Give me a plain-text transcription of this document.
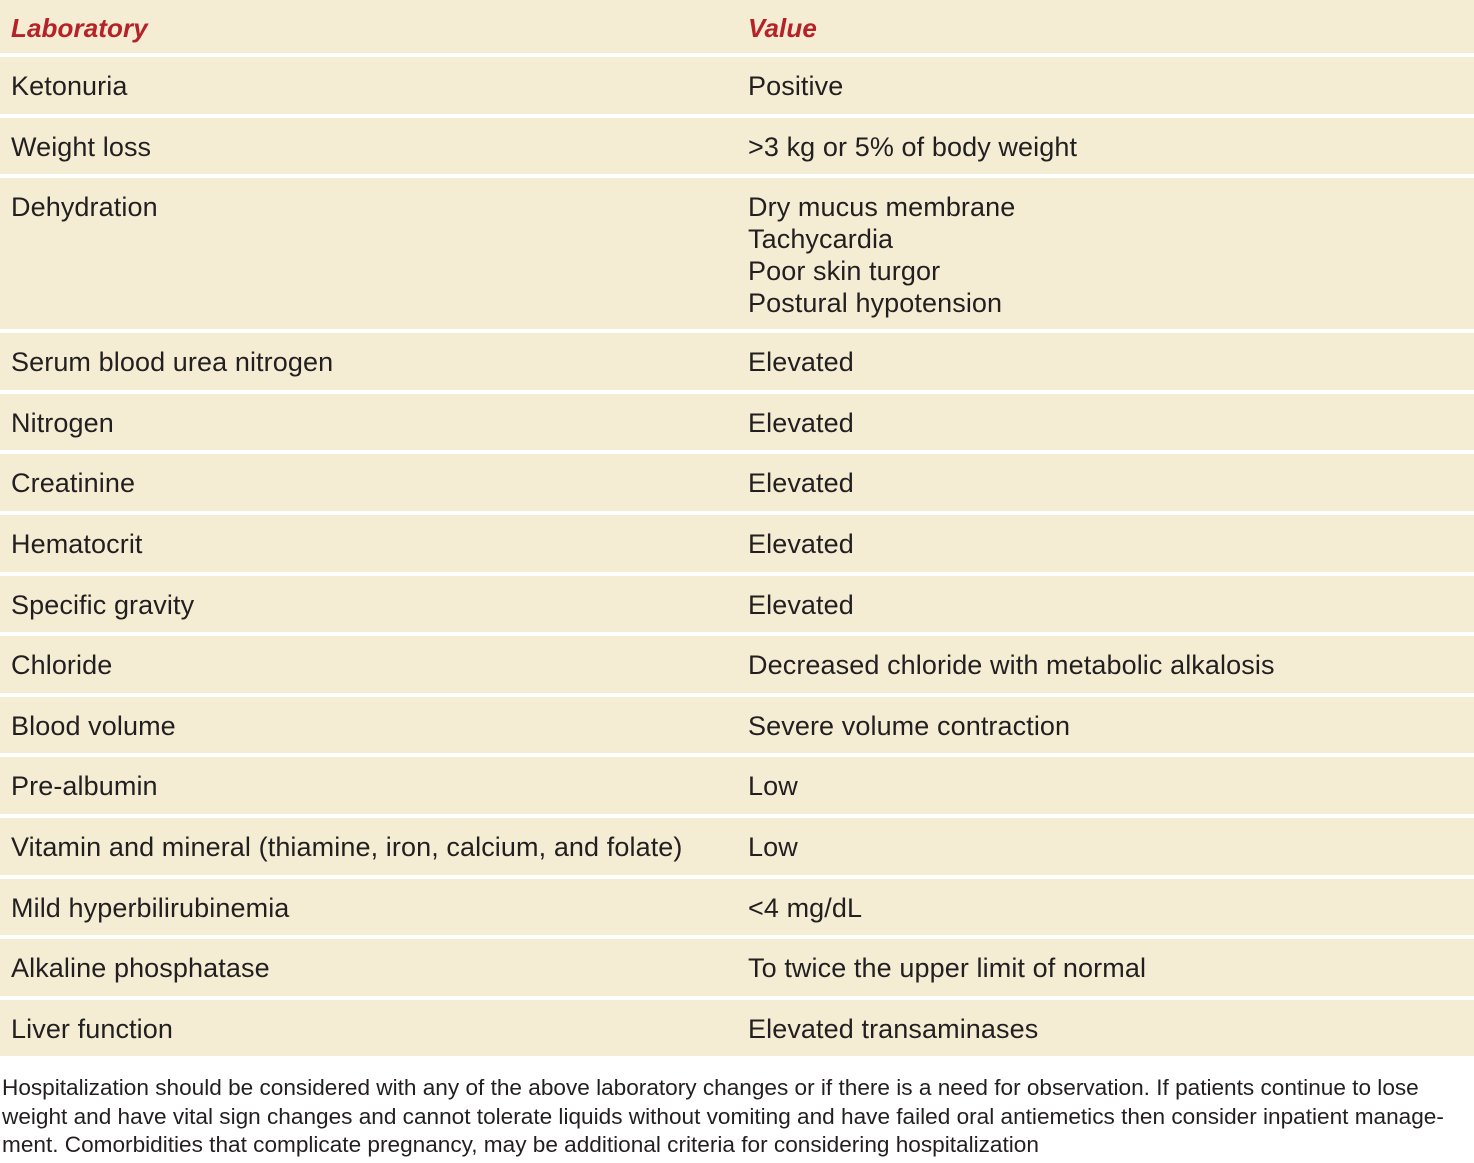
Laboratory	Value
Ketonuria	Positive
Weight loss	>3 kg or 5% of body weight
Dehydration	Dry mucus membrane
Tachycardia
Poor skin turgor
Postural hypotension
Serum blood urea nitrogen	Elevated
Nitrogen	Elevated
Creatinine	Elevated
Hematocrit	Elevated
Specific gravity	Elevated
Chloride	Decreased chloride with metabolic alkalosis
Blood volume	Severe volume contraction
Pre-albumin	Low
Vitamin and mineral (thiamine, iron, calcium, and folate)	Low
Mild hyperbilirubinemia	<4 mg/dL
Alkaline phosphatase	To twice the upper limit of normal
Liver function	Elevated transaminases
Hospitalization should be considered with any of the above laboratory changes or if there is a need for observation. If patients continue to lose weight and have vital sign changes and cannot tolerate liquids without vomiting and have failed oral antiemetics then consider inpatient manage-ment. Comorbidities that complicate pregnancy, may be additional criteria for considering hospitalization
